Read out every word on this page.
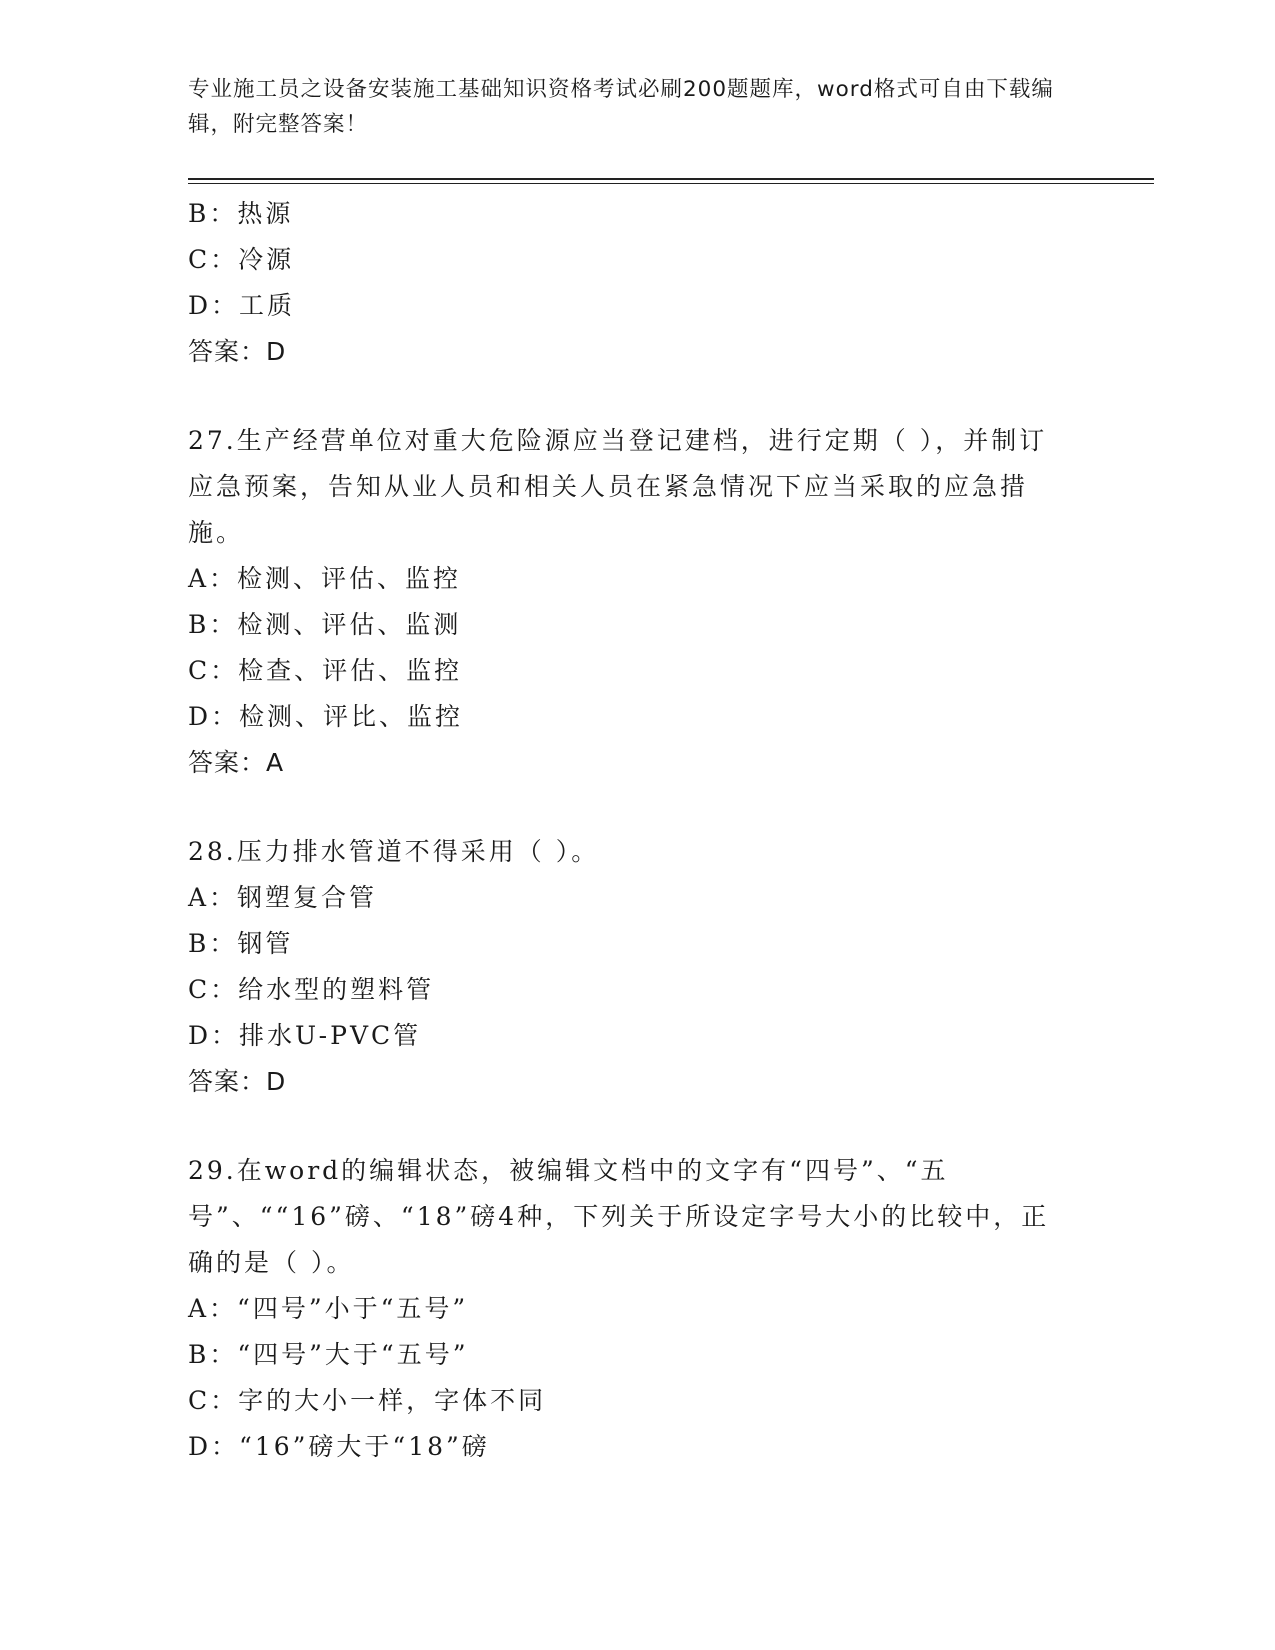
专业施工员之设备安装施工基础知识资格考试必刷200题题库，word格式可自由下载编辑，附完整答案！
B：热源
C：冷源
D：工质
答案：D
27.生产经营单位对重大危险源应当登记建档，进行定期（ ），并制订应急预案，告知从业人员和相关人员在紧急情况下应当采取的应急措施。
A：检测、评估、监控
B：检测、评估、监测
C：检查、评估、监控
D：检测、评比、监控
答案：A
28.压力排水管道不得采用（ ）。
A：钢塑复合管
B：钢管
C：给水型的塑料管
D：排水U-PVC管
答案：D
29.在word的编辑状态，被编辑文档中的文字有“四号”、“五号”、““16”磅、“18”磅4种，下列关于所设定字号大小的比较中，正确的是（ ）。
A：“四号”小于“五号”
B：“四号”大于“五号”
C：字的大小一样，字体不同
D：“16”磅大于“18”磅
